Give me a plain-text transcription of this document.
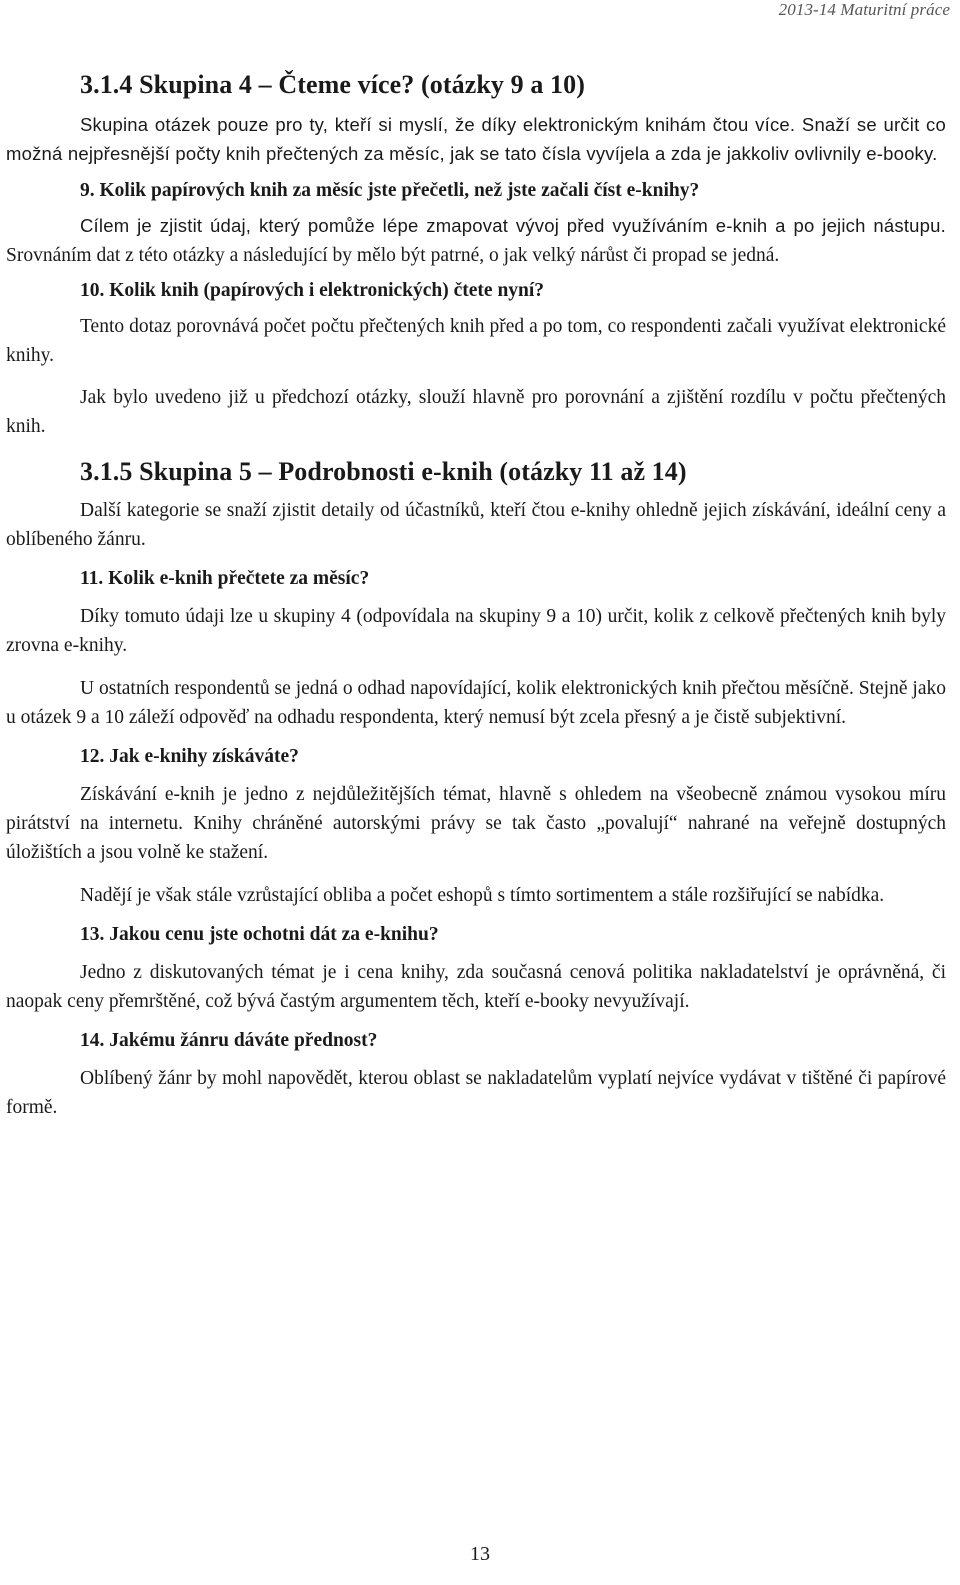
2013-14 Maturitní práce
3.1.4 Skupina 4 – Čteme více? (otázky 9 a 10)

Skupina otázek pouze pro ty, kteří si myslí, že díky elektronickým knihám čtou více. Snaží se určit co možná nejpřesnější počty knih přečtených za měsíc, jak se tato čísla vyvíjela a zda je jakkoliv ovlivnily e-booky.

9. Kolik papírových knih za měsíc jste přečetli, než jste začali číst e-knihy?

Cílem je zjistit údaj, který pomůže lépe zmapovat vývoj před využíváním e-knih a po jejich nástupu. Srovnáním dat z této otázky a následující by mělo být patrné, o jak velký nárůst či propad se jedná.

10. Kolik knih (papírových i elektronických) čtete nyní?

Tento dotaz porovnává počet počtu přečtených knih před a po tom, co respondenti začali využívat elektronické knihy.

Jak bylo uvedeno již u předchozí otázky, slouží hlavně pro porovnání a zjištění rozdílu v počtu přečtených knih.

3.1.5 Skupina 5 – Podrobnosti e-knih (otázky 11 až 14)

Další kategorie se snaží zjistit detaily od účastníků, kteří čtou e-knihy ohledně jejich získávání, ideální ceny a oblíbeného žánru.

11. Kolik e-knih přečtete za měsíc?

Díky tomuto údaji lze u skupiny 4 (odpovídala na skupiny 9 a 10) určit, kolik z celkově přečtených knih byly zrovna e-knihy.

U ostatních respondentů se jedná o odhad napovídající, kolik elektronických knih přečtou měsíčně. Stejně jako u otázek 9 a 10 záleží odpověď na odhadu respondenta, který nemusí být zcela přesný a je čistě subjektivní.

12. Jak e-knihy získáváte?

Získávání e-knih je jedno z nejdůležitějších témat, hlavně s ohledem na všeobecně známou vysokou míru pirátství na internetu. Knihy chráněné autorskými právy se tak často „povalují“ nahrané na veřejně dostupných úložištích a jsou volně ke stažení.

Nadějí je však stále vzrůstající obliba a počet eshopů s tímto sortimentem a stále rozšiřující se nabídka.

13. Jakou cenu jste ochotni dát za e-knihu?

Jedno z diskutovaných témat je i cena knihy, zda současná cenová politika nakladatelství je oprávněná, či naopak ceny přemrštěné, což bývá častým argumentem těch, kteří e-booky nevyužívají.

14. Jakému žánru dáváte přednost?

Oblíbený žánr by mohl napovědět, kterou oblast se nakladatelům vyplatí nejvíce vydávat v tištěné či papírové formě.

13
